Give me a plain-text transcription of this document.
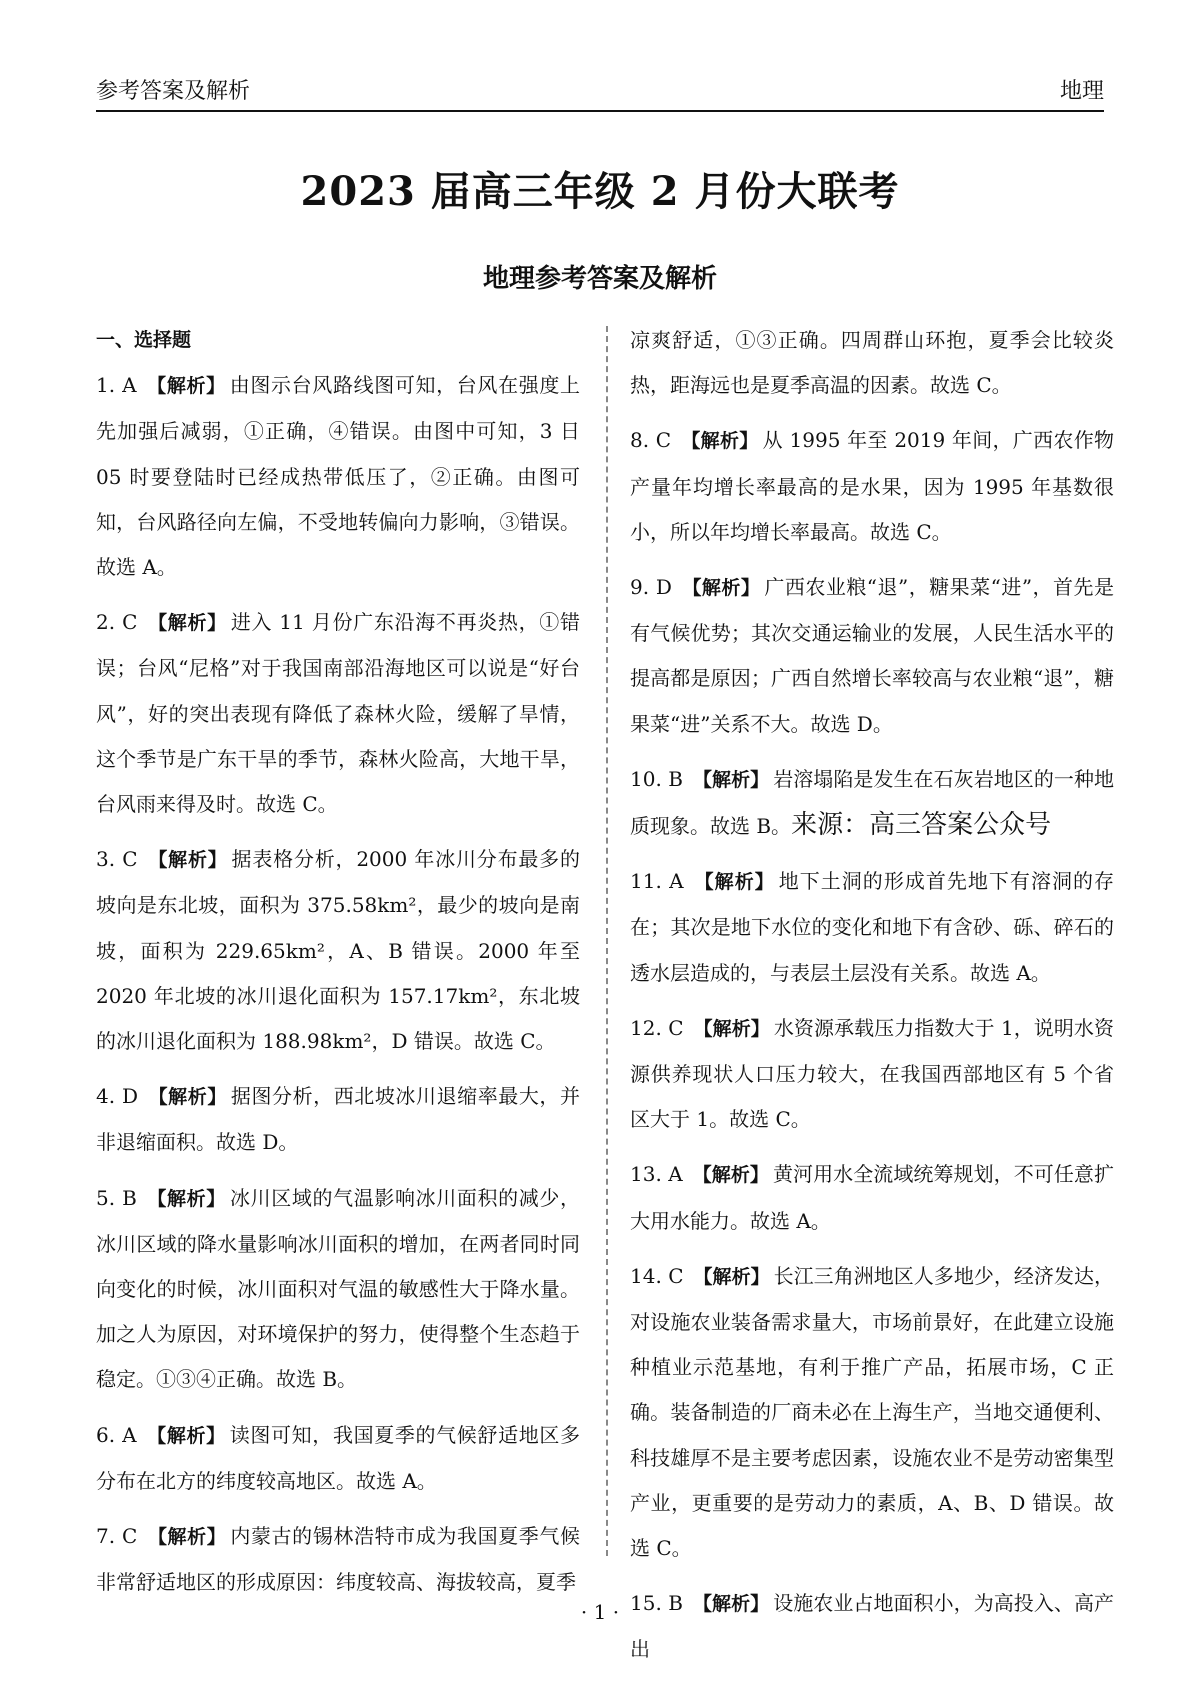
参考答案及解析	地理
2023 届高三年级 2 月份大联考
地理参考答案及解析
一、选择题
1. A 【解析】 由图示台风路线图可知，台风在强度上先加强后减弱，①正确，④错误。由图中可知，3 日 05 时要登陆时已经成热带低压了，②正确。由图可知，台风路径向左偏，不受地转偏向力影响，③错误。故选 A。
2. C 【解析】 进入 11 月份广东沿海不再炎热，①错误；台风“尼格”对于我国南部沿海地区可以说是“好台风”，好的突出表现有降低了森林火险，缓解了旱情，这个季节是广东干旱的季节，森林火险高，大地干旱，台风雨来得及时。故选 C。
3. C 【解析】 据表格分析，2000 年冰川分布最多的坡向是东北坡，面积为 375.58km²，最少的坡向是南坡，面积为 229.65km²，A、B 错误。2000 年至 2020 年北坡的冰川退化面积为 157.17km²，东北坡的冰川退化面积为 188.98km²，D 错误。故选 C。
4. D 【解析】 据图分析，西北坡冰川退缩率最大，并非退缩面积。故选 D。
5. B 【解析】 冰川区域的气温影响冰川面积的减少，冰川区域的降水量影响冰川面积的增加，在两者同时同向变化的时候，冰川面积对气温的敏感性大于降水量。加之人为原因，对环境保护的努力，使得整个生态趋于稳定。①③④正确。故选 B。
6. A 【解析】 读图可知，我国夏季的气候舒适地区多分布在北方的纬度较高地区。故选 A。
7. C 【解析】 内蒙古的锡林浩特市成为我国夏季气候非常舒适地区的形成原因：纬度较高、海拔较高，夏季
凉爽舒适，①③正确。四周群山环抱，夏季会比较炎热，距海远也是夏季高温的因素。故选 C。
8. C 【解析】 从 1995 年至 2019 年间，广西农作物产量年均增长率最高的是水果，因为 1995 年基数很小，所以年均增长率最高。故选 C。
9. D 【解析】 广西农业粮“退”，糖果菜“进”，首先是有气候优势；其次交通运输业的发展，人民生活水平的提高都是原因；广西自然增长率较高与农业粮“退”，糖果菜“进”关系不大。故选 D。
10. B 【解析】 岩溶塌陷是发生在石灰岩地区的一种地质现象。故选 B。来源：高三答案公众号
11. A 【解析】 地下土洞的形成首先地下有溶洞的存在；其次是地下水位的变化和地下有含砂、砾、碎石的透水层造成的，与表层土层没有关系。故选 A。
12. C 【解析】 水资源承载压力指数大于 1，说明水资源供养现状人口压力较大，在我国西部地区有 5 个省区大于 1。故选 C。
13. A 【解析】 黄河用水全流域统筹规划，不可任意扩大用水能力。故选 A。
14. C 【解析】 长江三角洲地区人多地少，经济发达，对设施农业装备需求量大，市场前景好，在此建立设施种植业示范基地，有利于推广产品，拓展市场，C 正确。装备制造的厂商未必在上海生产，当地交通便利、科技雄厚不是主要考虑因素，设施农业不是劳动密集型产业，更重要的是劳动力的素质，A、B、D 错误。故选 C。
15. B 【解析】 设施农业占地面积小，为高投入、高产出
· 1 ·
